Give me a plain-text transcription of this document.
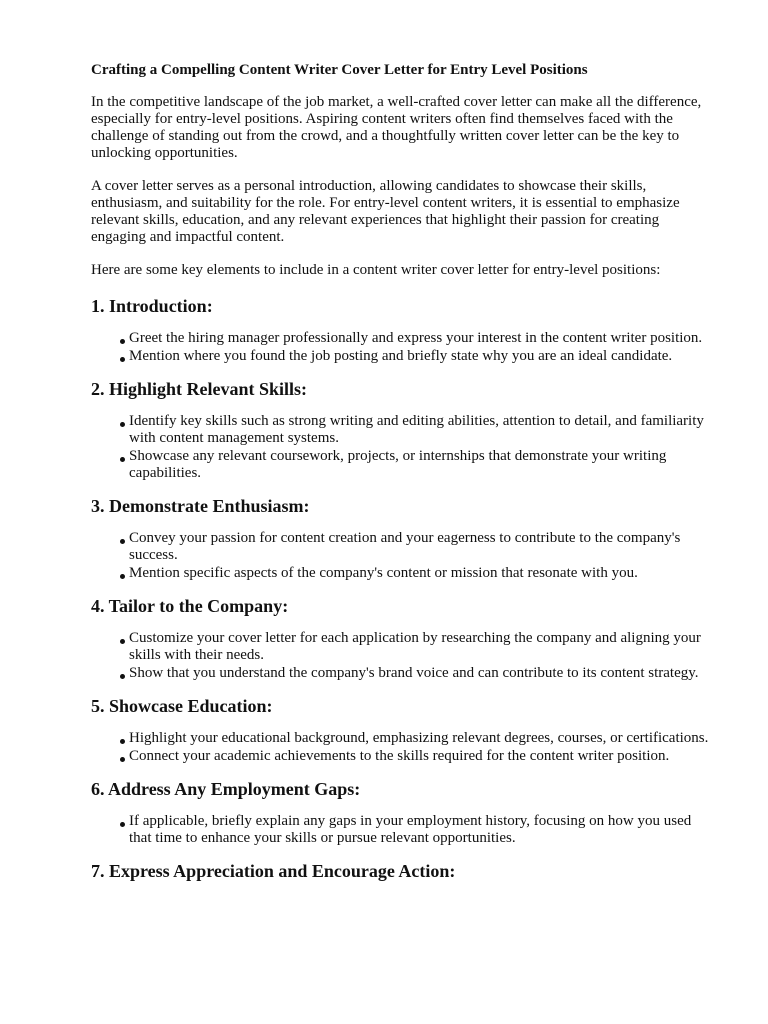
Crafting a Compelling Content Writer Cover Letter for Entry Level Positions

In the competitive landscape of the job market, a well-crafted cover letter can make all the difference, especially for entry-level positions. Aspiring content writers often find themselves faced with the challenge of standing out from the crowd, and a thoughtfully written cover letter can be the key to unlocking opportunities.

A cover letter serves as a personal introduction, allowing candidates to showcase their skills, enthusiasm, and suitability for the role. For entry-level content writers, it is essential to emphasize relevant skills, education, and any relevant experiences that highlight their passion for creating engaging and impactful content.

Here are some key elements to include in a content writer cover letter for entry-level positions:

1. Introduction:
Greet the hiring manager professionally and express your interest in the content writer position.
Mention where you found the job posting and briefly state why you are an ideal candidate.
2. Highlight Relevant Skills:
Identify key skills such as strong writing and editing abilities, attention to detail, and familiarity with content management systems.
Showcase any relevant coursework, projects, or internships that demonstrate your writing capabilities.
3. Demonstrate Enthusiasm:
Convey your passion for content creation and your eagerness to contribute to the company's success.
Mention specific aspects of the company's content or mission that resonate with you.
4. Tailor to the Company:
Customize your cover letter for each application by researching the company and aligning your skills with their needs.
Show that you understand the company's brand voice and can contribute to its content strategy.
5. Showcase Education:
Highlight your educational background, emphasizing relevant degrees, courses, or certifications.
Connect your academic achievements to the skills required for the content writer position.
6. Address Any Employment Gaps:
If applicable, briefly explain any gaps in your employment history, focusing on how you used that time to enhance your skills or pursue relevant opportunities.
7. Express Appreciation and Encourage Action:
